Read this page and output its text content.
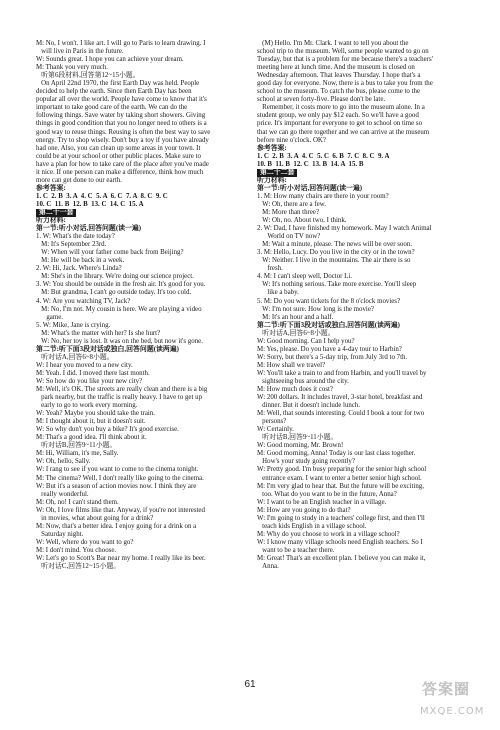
M: No, I won't. I like art. I will go to Paris to learn drawing. I
will live in Paris in the future.

W: Sounds great. I hope you can achieve your dream.

M: Thank you very much.

听第6段材料,回答第12~15小题。

On April 22nd 1970, the first Earth Day was held. People
decided to help the earth. Since then Earth Day has been
popular all over the world. People have come to know that it's
important to take good care of the earth. We can do the
following things. Save water by taking short showers. Giving
things in good condition that you no longer need to others is a
good way to reuse things. Reusing is often the best way to save
energy. Try to shop wisely. Don't buy a toy if you have already
had one. Also, you can clean up some areas in your town. It
could be at your school or other public places. Make sure to
have a plan for how to take care of the place after you've made
it nice. If one person can make a difference, think how much
more can get done to our earth.

参考答案:

1. C  2. B  3. A  4. C  5. A  6. C  7. A  8. C  9. C
10. C  11. B  12. B  13. C  14. C  15. A

第二十一套

听力材料:

第一节:听小对话,回答问题(读一遍)

1. W: What's the date today?
M: It's September 23rd.
W: When will your father come back from Beijing?
M: He will be back in a week.
2. W: Hi, Jack. Where's Linda?
M: She's in the library. We're doing our science project.
3. W: You should be outside in the fresh air. It's good for you.
M: But grandma, I can't go outside today. It's too cold.
4. W: Are you watching TV, Jack?
M: No, I'm not. My cousin is here. We are playing a video
game.
5. W: Mike, Jane is crying.
M: What's the matter with her? Is she hurt?
W: No, her toy is lost. It was on the bed, but now it's gone.

第二节:听下面3段对话或独白,回答问题(读两遍)

听对话A,回答6~8小题。
W: I hear you moved to a new city.
M: Yeah. I did. I moved there last month.
W: So how do you like your new city?
M: Well, it's OK. The streets are really clean and there is a big
park nearby, but the traffic is really heavy. I have to get up
early to go to work every morning.
W: Yeah? Maybe you should take the train.
M: I thought about it, but it doesn't suit.
W: So why don't you buy a bike? It's good exercise.
M: That's a good idea. I'll think about it.
听对话B,回答9~11小题。
M: Hi, William, it's me, Sally.
W: Oh, hello, Sally.
W: I rang to see if you want to come to the cinema tonight.
M: The cinema? Well, I don't really like going to the cinema.
W: But it's a season of action movies now. I think they are
really wonderful.
M: Oh, no! I can't stand them.
W: Oh, I love films like that. Anyway, if you're not interested
in movies, what about going for a drink?
M: Now, that's a better idea. I enjoy going for a drink on a
Saturday night.
W: Well, where do you want to go?
M: I don't mind. You choose.
W: Let's go to Scott's Bar near my home. I really like its beer.
听对话C,回答12~15小题。

(M) Hello. I'm Mr. Clark. I want to tell you about the
school trip to the museum. Well, some people wanted to go on
Tuesday, but that is a problem for me because there's a teachers'
meeting here at lunch time. And the museum is closed on
Wednesday afternoon. That leaves Thursday. I hope that's a
good day for everyone. Now, there is a bus to take you from the
school to the museum. To catch the bus, please come to the
school at seven forty-five. Please don't be late.

Remember, it costs more to go into the museum alone. In a
student group, we only pay $12 each. So we'll have a good
price. It's important for everyone to get to school on time so
that we can go there together and we can arrive at the museum
before nine o'clock. OK?

参考答案:

1. C  2. B  3. A  4. C  5. C  6. B  7. C  8. C  9. A
10. B  11. B  12. C  13. B  14. A  15. B

第二十二套

听力材料:

第一节:听小对话,回答问题(读一遍)

1. M: How many chairs are there in your room?
W: Oh, there are a few.
M: More than three?
W: Oh, no. About two, I think.
2. W: Dad, I have finished my homework. May I watch Animal
World on TV now?
M: Wait a minute, please. The news will be over soon.
3. M: Hello, Lucy. Do you live in the city or in the town?
W: Neither. I live in the mountains. The air there is so
fresh.
4. M: I can't sleep well, Doctor Li.
W: It's nothing serious. Take more exercise. You'll sleep
like a baby.
5. M: Do you want tickets for the 8 o'clock movies?
W: I'm not sure. How long is the movie?
M: It's an hour and a half.

第二节:听下面3段对话或独白,回答问题(读两遍)

听对话A,回答6~8小题。
W: Good morning. Can I help you?
M: Yes, please. Do you have a 4-day tour to Harbin?
W: Sorry, but there's a 5-day trip, from July 3rd to 7th.
M: How shall we travel?
W: You'll take a train to and from Harbin, and you'll travel by
sightseeing bus around the city.
M: How much does it cost?
W: 200 dollars. It includes travel, 3-star hotel, breakfast and
dinner. But it doesn't include lunch.
M: Well, that sounds interesting. Could I book a tour for two
persons?
W: Certainly.
听对话B,回答9~11小题。
W: Good morning, Mr. Brown!
M: Good morning, Anna! Today is our last class together.
How's your study going recently?
W: Pretty good. I'm busy preparing for the senior high school
entrance exam. I want to enter a better senior high school.
M: I'm very glad to hear that. But the future will be exciting,
too. What do you want to be in the future, Anna?
W: I want to be an English teacher in a village.
M: How are you going to do that?
W: I'm going to study in a teachers' college first, and then I'll
teach kids English in a village school.
M: Why do you choose to work in a village school?
W: I know many village schools need English teachers. So I
want to be a teacher there.
M: Great! That's an excellent plan. I believe you can make it,
Anna.

61	答案圈
MXQE.COM
